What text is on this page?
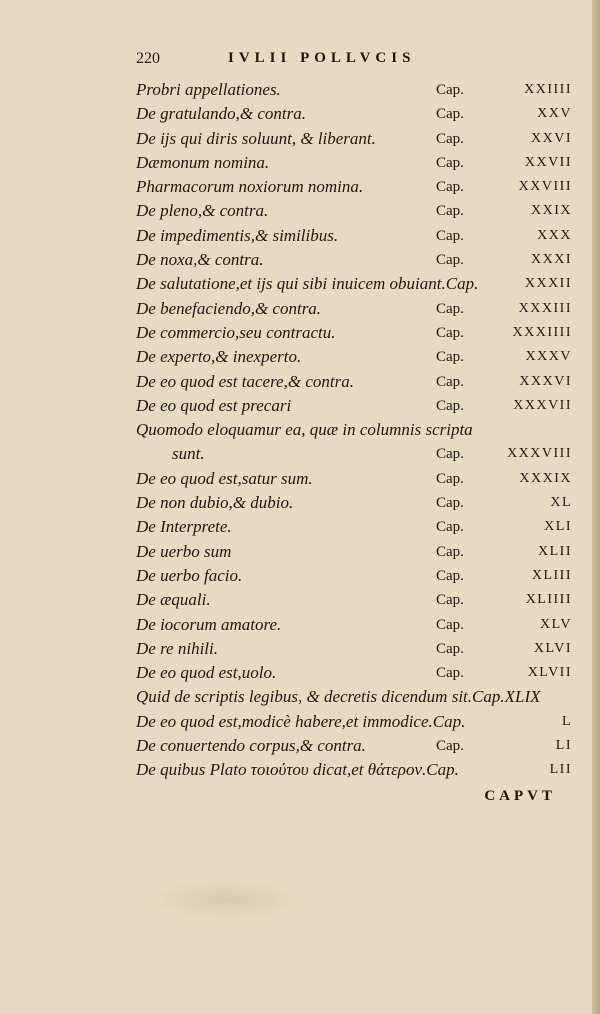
220	IVLII POLLVCIS
Probri appellationes.	Cap.	XXIIII
De gratulando,& contra.	Cap.	XXV
De ijs qui diris soluunt, & liberant.	Cap.	XXVI
Dæmonum nomina.	Cap.	XXVII
Pharmacorum noxiorum nomina.	Cap.	XXVIII
De pleno,& contra.	Cap.	XXIX
De impedimentis,& similibus.	Cap.	XXX
De noxa,& contra.	Cap.	XXXI
De salutatione,et ijs qui sibi inuicem obuiant.Cap.	XXXII
De benefaciendo,& contra.	Cap.	XXXIII
De commercio,seu contractu.	Cap.	XXXIIII
De experto,& inexperto.	Cap.	XXXV
De eo quod est tacere,& contra.	Cap.	XXXVI
De eo quod est precari	Cap.	XXXVII
Quomodo eloquamur ea, quæ in columnis scripta
sunt.	Cap.	XXXVIII
De eo quod est,satur sum.	Cap.	XXXIX
De non dubio,& dubio.	Cap.	XL
De Interprete.	Cap.	XLI
De uerbo sum	Cap.	XLII
De uerbo facio.	Cap.	XLIII
De æquali.	Cap.	XLIIII
De iocorum amatore.	Cap.	XLV
De re nihili.	Cap.	XLVI
De eo quod est,uolo.	Cap.	XLVII
Quid de scriptis legibus, & decretis dicendum sit.Cap.XLIX
De eo quod est,modicè habere,et immodice.Cap.	L
De conuertendo corpus,& contra.	Cap.	LI
De quibus Plato τοιούτου dicat,et θάτερον.Cap.	LII
CAPVT
